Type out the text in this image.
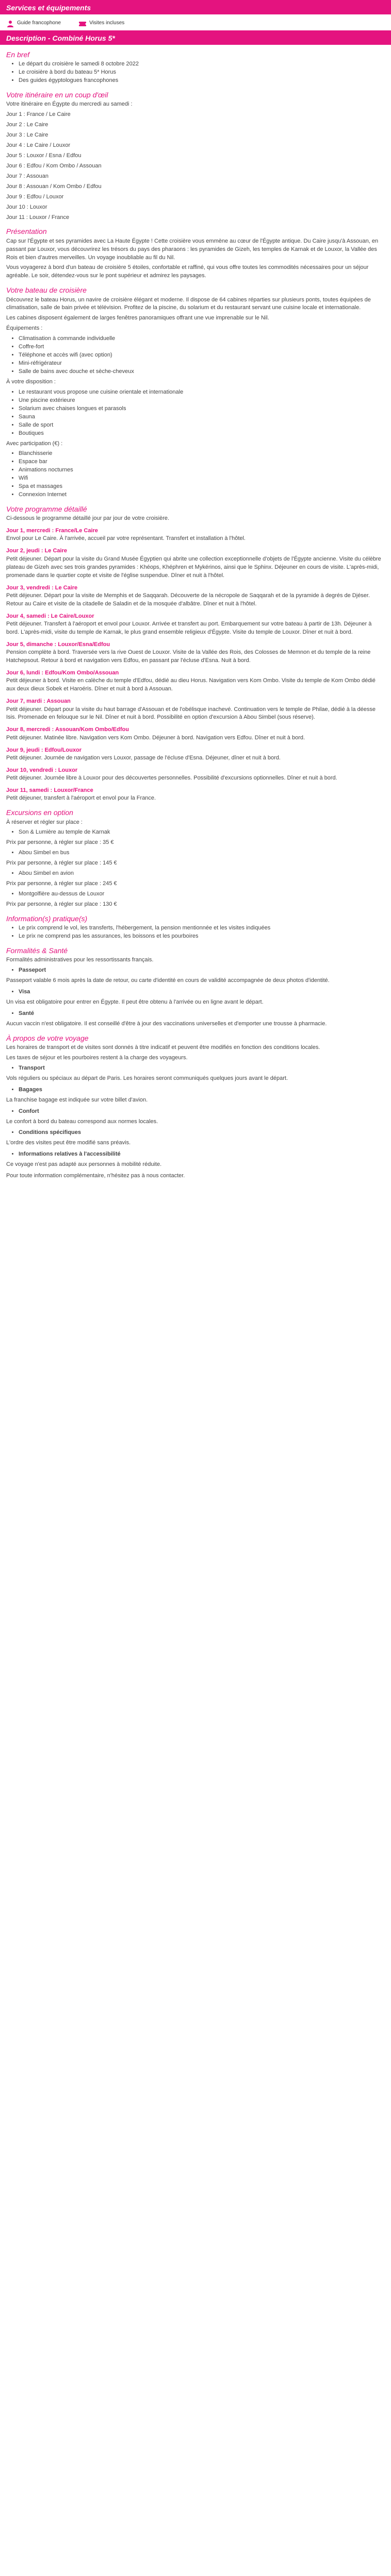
Services et équipements
Guide francophone	Visites incluses
Description - Combiné Horus 5*
En bref
• Le départ du croisière le samedi 8 octobre 2022
• Le croisière à bord du bateau 5* Horus
• Des guides égyptologues francophones
Votre itinéraire en un coup d'œil

Votre itinéraire en Égypte du mercredi au samedi :

Jour 1 : France / Le Caire

Jour 2 : Le Caire

Jour 3 : Le Caire

Jour 4 : Le Caire / Louxor

Jour 5 : Louxor / Esna / Edfou

Jour 6 : Edfou / Kom Ombo / Assouan

Jour 7 : Assouan

Jour 8 : Assouan / Kom Ombo / Edfou

Jour 9 : Edfou / Louxor

Jour 10 : Louxor

Jour 11 : Louxor / France

Présentation

Cap sur l'Égypte et ses pyramides avec La Haute Égypte ! Cette croisière vous emmène au cœur de l'Égypte antique. Du Caire jusqu'à Assouan, en passant par Louxor, vous découvrirez les trésors du pays des pharaons : les pyramides de Gizeh, les temples de Karnak et de Louxor, la Vallée des Rois et bien d'autres merveilles. Un voyage inoubliable au fil du Nil.

Vous voyagerez à bord d'un bateau de croisière 5 étoiles, confortable et raffiné, qui vous offre toutes les commodités nécessaires pour un séjour agréable. Le soir, détendez-vous sur le pont supérieur et admirez les paysages.

Votre bateau de croisière

Découvrez le bateau Horus, un navire de croisière élégant et moderne. Il dispose de 64 cabines réparties sur plusieurs ponts, toutes équipées de climatisation, salle de bain privée et télévision. Profitez de la piscine, du solarium et du restaurant servant une cuisine locale et internationale.

Les cabines disposent également de larges fenêtres panoramiques offrant une vue imprenable sur le Nil.

Équipements :

• Climatisation à commande individuelle
• Coffre-fort
• Téléphone et accès wifi (avec option)
• Mini-réfrigérateur
• Salle de bains avec douche et sèche-cheveux

À votre disposition :

• Le restaurant vous propose une cuisine orientale et internationale
• Une piscine extérieure
• Solarium avec chaises longues et parasols
• Sauna
• Salle de sport
• Boutiques

Avec participation (€) :

• Blanchisserie
• Espace bar
• Animations nocturnes
• Wifi
• Spa et massages
• Connexion Internet
Votre programme détaillé

Ci-dessous le programme détaillé jour par jour de votre croisière.

Jour 1, mercredi : France/Le Caire

Envol pour Le Caire. À l'arrivée, accueil par votre représentant. Transfert et installation à l'hôtel.

Jour 2, jeudi : Le Caire

Petit déjeuner. Départ pour la visite du Grand Musée Égyptien qui abrite une collection exceptionnelle d'objets de l'Égypte ancienne. Visite du célèbre plateau de Gizeh avec ses trois grandes pyramides : Khéops, Khéphren et Mykérinos, ainsi que le Sphinx. Déjeuner en cours de visite. L'après-midi, promenade dans le quartier copte et visite de l'église suspendue. Dîner et nuit à l'hôtel.

Jour 3, vendredi : Le Caire

Petit déjeuner. Départ pour la visite de Memphis et de Saqqarah. Découverte de la nécropole de Saqqarah et de la pyramide à degrés de Djéser. Retour au Caire et visite de la citadelle de Saladin et de la mosquée d'albâtre. Dîner et nuit à l'hôtel.

Jour 4, samedi : Le Caire/Louxor

Petit déjeuner. Transfert à l'aéroport et envol pour Louxor. Arrivée et transfert au port. Embarquement sur votre bateau à partir de 13h. Déjeuner à bord. L'après-midi, visite du temple de Karnak, le plus grand ensemble religieux d'Égypte. Visite du temple de Louxor. Dîner et nuit à bord.

Jour 5, dimanche : Louxor/Esna/Edfou

Pension complète à bord. Traversée vers la rive Ouest de Louxor. Visite de la Vallée des Rois, des Colosses de Memnon et du temple de la reine Hatchepsout. Retour à bord et navigation vers Edfou, en passant par l'écluse d'Esna. Nuit à bord.

Jour 6, lundi : Edfou/Kom Ombo/Assouan

Petit déjeuner à bord. Visite en calèche du temple d'Edfou, dédié au dieu Horus. Navigation vers Kom Ombo. Visite du temple de Kom Ombo dédié aux deux dieux Sobek et Haroéris. Dîner et nuit à bord à Assouan.

Jour 7, mardi : Assouan

Petit déjeuner. Départ pour la visite du haut barrage d'Assouan et de l'obélisque inachevé. Continuation vers le temple de Philae, dédié à la déesse Isis. Promenade en felouque sur le Nil. Dîner et nuit à bord. Possibilité en option d'excursion à Abou Simbel (sous réserve).

Jour 8, mercredi : Assouan/Kom Ombo/Edfou

Petit déjeuner. Matinée libre. Navigation vers Kom Ombo. Déjeuner à bord. Navigation vers Edfou. Dîner et nuit à bord.

Jour 9, jeudi : Edfou/Louxor

Petit déjeuner. Journée de navigation vers Louxor, passage de l'écluse d'Esna. Déjeuner, dîner et nuit à bord.

Jour 10, vendredi : Louxor

Petit déjeuner. Journée libre à Louxor pour des découvertes personnelles. Possibilité d'excursions optionnelles. Dîner et nuit à bord.

Jour 11, samedi : Louxor/France

Petit déjeuner, transfert à l'aéroport et envol pour la France.

Excursions en option

À réserver et régler sur place :

• Son & Lumière au temple de Karnak

Prix par personne, à régler sur place : 35 €

• Abou Simbel en bus

Prix par personne, à régler sur place : 145 €

• Abou Simbel en avion

Prix par personne, à régler sur place : 245 €

• Montgolfière au-dessus de Louxor

Prix par personne, à régler sur place : 130 €

Information(s) pratique(s)
• Le prix comprend le vol, les transferts, l'hébergement, la pension mentionnée et les visites indiquées
• Le prix ne comprend pas les assurances, les boissons et les pourboires
Formalités & Santé

Formalités administratives pour les ressortissants français.

• Passeport

Passeport valable 6 mois après la date de retour, ou carte d'identité en cours de validité accompagnée de deux photos d'identité.

• Visa

Un visa est obligatoire pour entrer en Égypte. Il peut être obtenu à l'arrivée ou en ligne avant le départ.

• Santé

Aucun vaccin n'est obligatoire. Il est conseillé d'être à jour des vaccinations universelles et d'emporter une trousse à pharmacie.

À propos de votre voyage

Les horaires de transport et de visites sont donnés à titre indicatif et peuvent être modifiés en fonction des conditions locales.

Les taxes de séjour et les pourboires restent à la charge des voyageurs.

• Transport

Vols réguliers ou spéciaux au départ de Paris. Les horaires seront communiqués quelques jours avant le départ.

• Bagages

La franchise bagage est indiquée sur votre billet d'avion.

• Confort

Le confort à bord du bateau correspond aux normes locales.

• Conditions spécifiques

L'ordre des visites peut être modifié sans préavis.

• Informations relatives à l'accessibilité

Ce voyage n'est pas adapté aux personnes à mobilité réduite.

Pour toute information complémentaire, n'hésitez pas à nous contacter.
